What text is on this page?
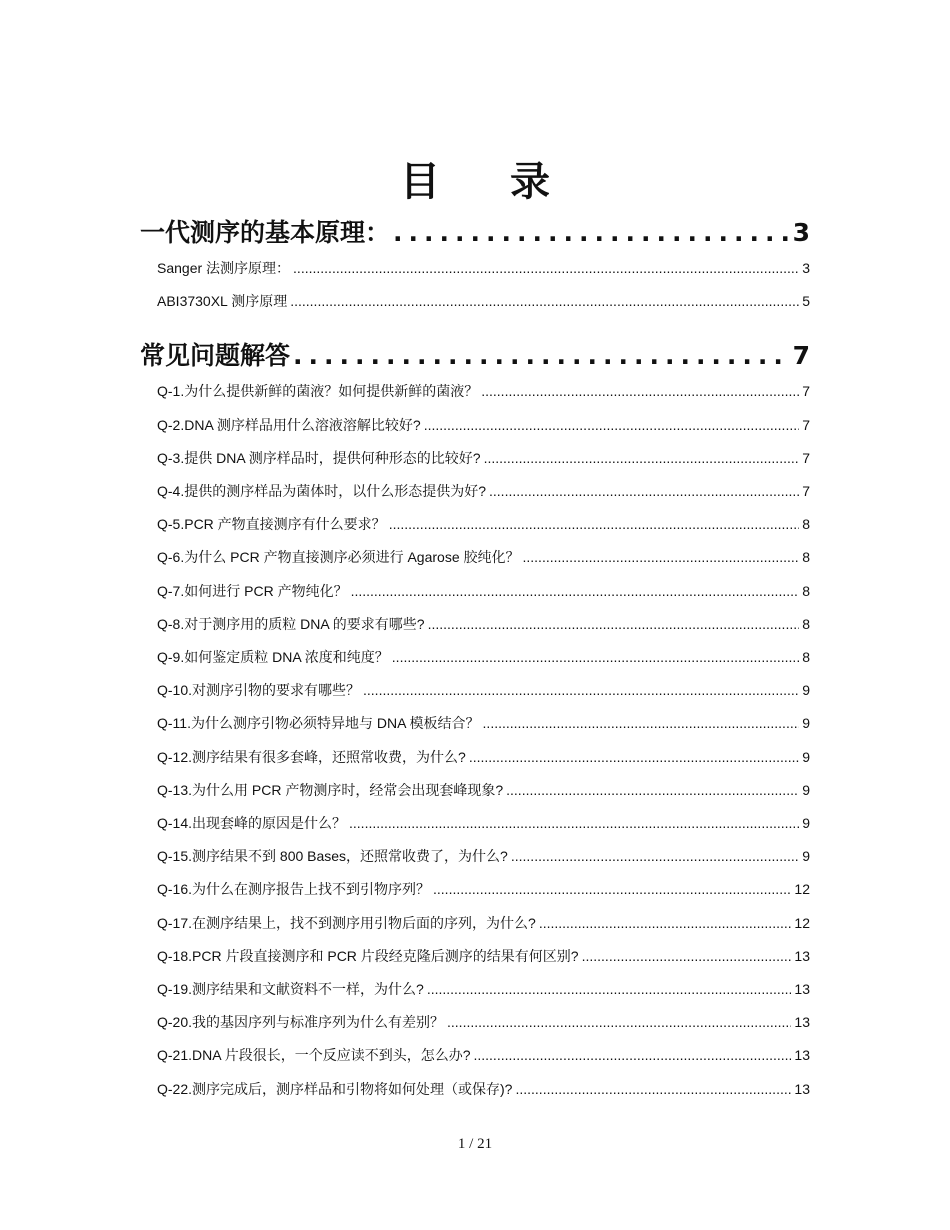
目 录
一代测序的基本原理： .....	3
Sanger 法测序原理： .....	3
ABI3730XL 测序原理 .....	5
常见问题解答 .....	7
Q-1.为什么提供新鲜的菌液？如何提供新鲜的菌液？ .....	7
Q-2.DNA 测序样品用什么溶液溶解比较好? .....	7
Q-3.提供 DNA 测序样品时，提供何种形态的比较好? .....	7
Q-4.提供的测序样品为菌体时，以什么形态提供为好? .....	7
Q-5.PCR 产物直接测序有什么要求？ .....	8
Q-6.为什么 PCR 产物直接测序必须进行 Agarose 胶纯化？ .....	8
Q-7.如何进行 PCR 产物纯化？ .....	8
Q-8.对于测序用的质粒 DNA 的要求有哪些? .....	8
Q-9.如何鉴定质粒 DNA 浓度和纯度？ .....	8
Q-10.对测序引物的要求有哪些？ .....	9
Q-11.为什么测序引物必须特异地与 DNA 模板结合？ .....	9
Q-12.测序结果有很多套峰，还照常收费，为什么? .....	9
Q-13.为什么用 PCR 产物测序时，经常会出现套峰现象? .....	9
Q-14.出现套峰的原因是什么？ .....	9
Q-15.测序结果不到 800 Bases，还照常收费了，为什么? .....	9
Q-16.为什么在测序报告上找不到引物序列？ .....	12
Q-17.在测序结果上，找不到测序用引物后面的序列，为什么? .....	12
Q-18.PCR 片段直接测序和 PCR 片段经克隆后测序的结果有何区别? .....	13
Q-19.测序结果和文献资料不一样，为什么? .....	13
Q-20.我的基因序列与标准序列为什么有差别？ .....	13
Q-21.DNA 片段很长，一个反应读不到头，怎么办? .....	13
Q-22.测序完成后，测序样品和引物将如何处理（或保存)? .....	13
1 / 21
